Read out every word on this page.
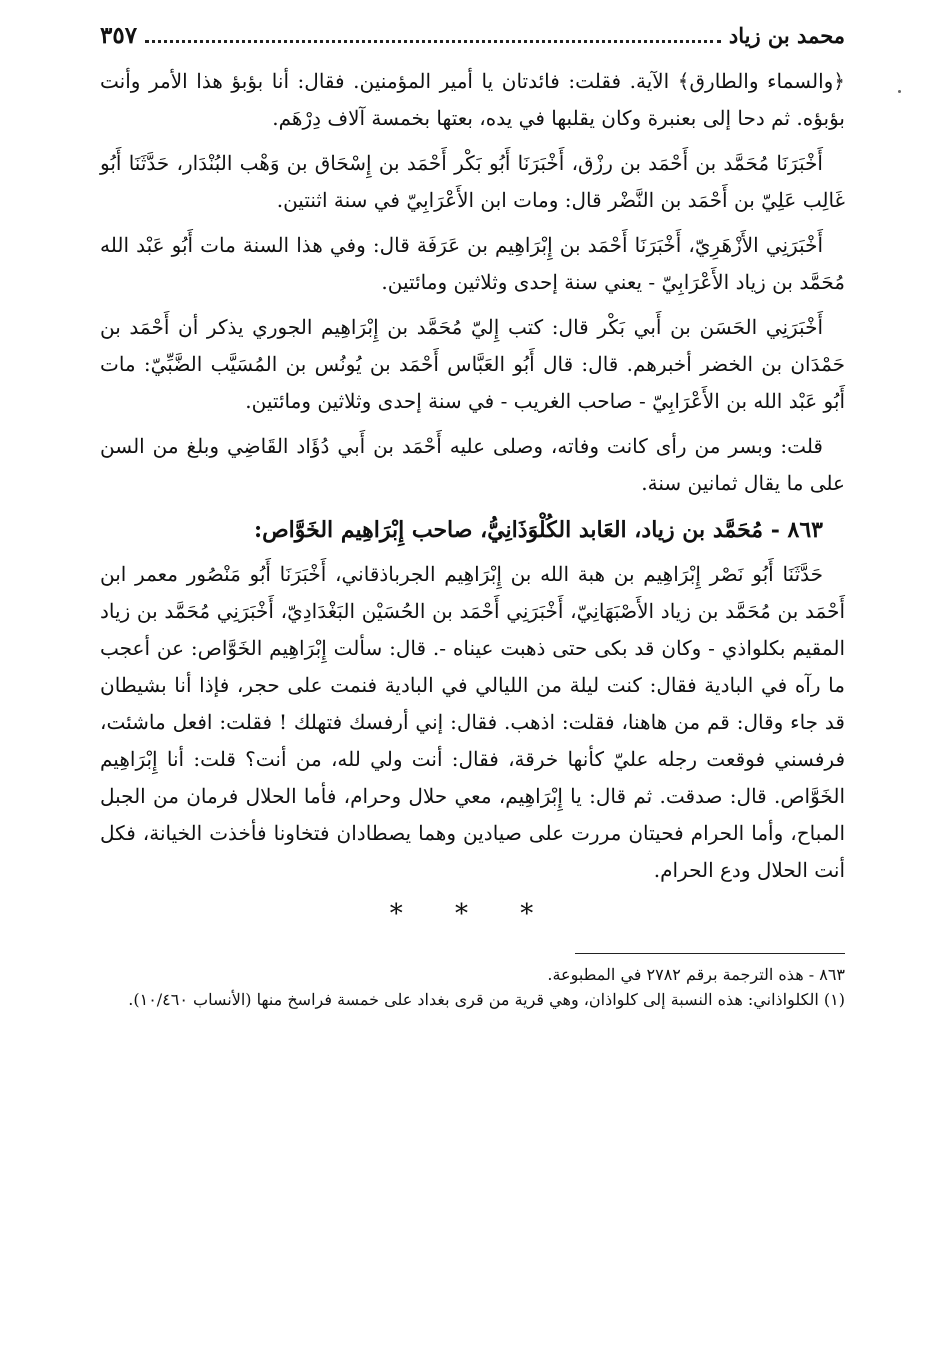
محمد بن زياد
٣٥٧

﴿والسماء والطارق﴾ الآية. فقلت: فائدتان يا أمير المؤمنين. فقال: أنا بؤبؤ هذا الأمر وأنت بؤبؤه. ثم دحا إلى بعنبرة وكان يقلبها في يده، بعتها بخمسة آلاف دِرْهَم.

أَخْبَرَنَا مُحَمَّد بن أَحْمَد بن رزْق، أَخْبَرَنَا أَبُو بَكْر أَحْمَد بن إِسْحَاق بن وَهْب البُنْدَار، حَدَّثَنَا أَبُو غَالِب عَلِيّ بن أَحْمَد بن النَّضْر قال: ومات ابن الأَعْرَابِيّ في سنة اثنتين.

أَخْبَرَنِي الأَزْهَرِيّ، أَخْبَرَنَا أَحْمَد بن إِبْرَاهِيم بن عَرَفَة قال: وفي هذا السنة مات أَبُو عَبْد الله مُحَمَّد بن زياد الأَعْرَابِيّ - يعني سنة إحدى وثلاثين ومائتين.

أَخْبَرَنِي الحَسَن بن أَبي بَكْر قال: كتب إِليّ مُحَمَّد بن إِبْرَاهِيم الجوري يذكر أن أَحْمَد بن حَمْدَان بن الخضر أخبرهم. قال: قال أَبُو العَبَّاس أَحْمَد بن يُونُس بن المُسَيَّب الضَّبِّيّ: مات أَبُو عَبْد الله بن الأَعْرَابِيّ - صاحب الغريب - في سنة إحدى وثلاثين ومائتين.

قلت: وبسر من رأى كانت وفاته، وصلى عليه أَحْمَد بن أَبي دُؤَاد القَاضِي وبلغ من السن على ما يقال ثمانين سنة.

٨٦٣ - مُحَمَّد بن زياد، العَابد الكُلْوَذَانِيُّ، صاحب إِبْرَاهِيم الخَوَّاص:

حَدَّثَنَا أَبُو نَصْر إِبْرَاهِيم بن هبة الله بن إِبْرَاهِيم الجرباذقاني، أَخْبَرَنَا أَبُو مَنْصُور معمر ابن أَحْمَد بن مُحَمَّد بن زياد الأَصْبَهَانِيّ، أَخْبَرَنِي أَحْمَد بن الحُسَيْن البَغْدَادِيّ، أَخْبَرَنِي مُحَمَّد بن زياد المقيم بكلواذي - وكان قد بكى حتى ذهبت عيناه -. قال: سألت إِبْرَاهِيم الخَوَّاص: عن أعجب ما رآه في البادية فقال: كنت ليلة من الليالي في البادية فنمت على حجر، فإذا أنا بشيطان قد جاء وقال: قم من هاهنا، فقلت: اذهب. فقال: إني أرفسك فتهلك ! فقلت: افعل ماشئت، فرفسني فوقعت رجله عليّ كأنها خرقة، فقال: أنت ولي لله، من أنت؟ قلت: أنا إِبْرَاهِيم الخَوَّاص. قال: صدقت. ثم قال: يا إِبْرَاهِيم، معي حلال وحرام، فأما الحلال فرمان من الجبل المباح، وأما الحرام فحيتان مررت على صيادين وهما يصطادان فتخاونا فأخذت الخيانة، فكل أنت الحلال ودع الحرام.

* * *

٨٦٣ - هذه الترجمة برقم ٢٧٨٢ في المطبوعة.

(١) الكلواذاني: هذه النسبة إلى كلواذان، وهي قرية من قرى بغداد على خمسة فراسخ منها (الأنساب ١٠/٤٦٠).
